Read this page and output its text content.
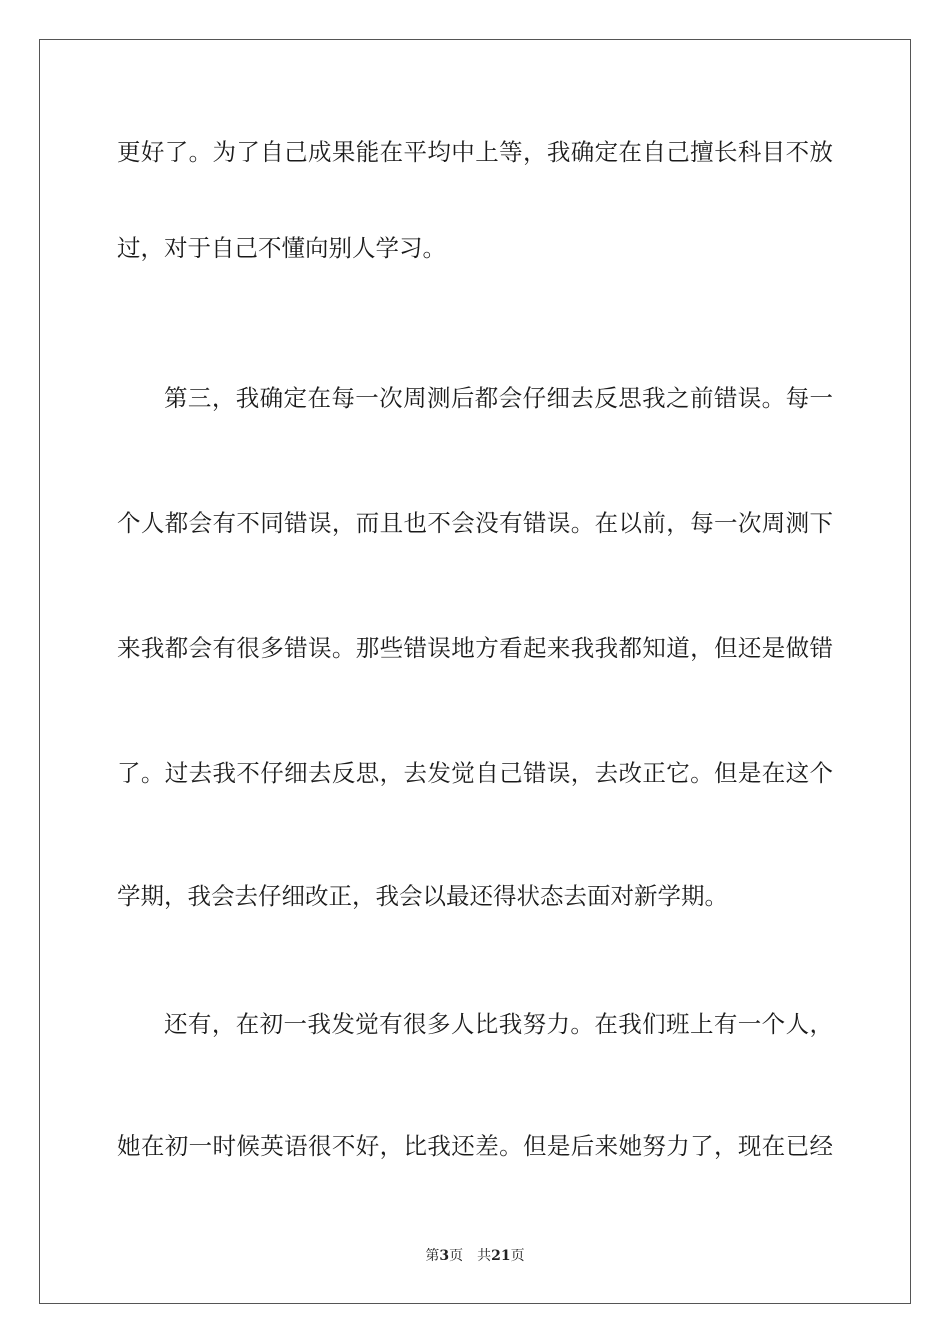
更好了。为了自己成果能在平均中上等，我确定在自己擅长科目不放
过，对于自己不懂向别人学习。
第三，我确定在每一次周测后都会仔细去反思我之前错误。每一
个人都会有不同错误，而且也不会没有错误。在以前，每一次周测下
来我都会有很多错误。那些错误地方看起来我我都知道，但还是做错
了。过去我不仔细去反思，去发觉自己错误，去改正它。但是在这个
学期，我会去仔细改正，我会以最还得状态去面对新学期。
还有，在初一我发觉有很多人比我努力。在我们班上有一个人，
她在初一时候英语很不好，比我还差。但是后来她努力了，现在已经
第3页 共21页
